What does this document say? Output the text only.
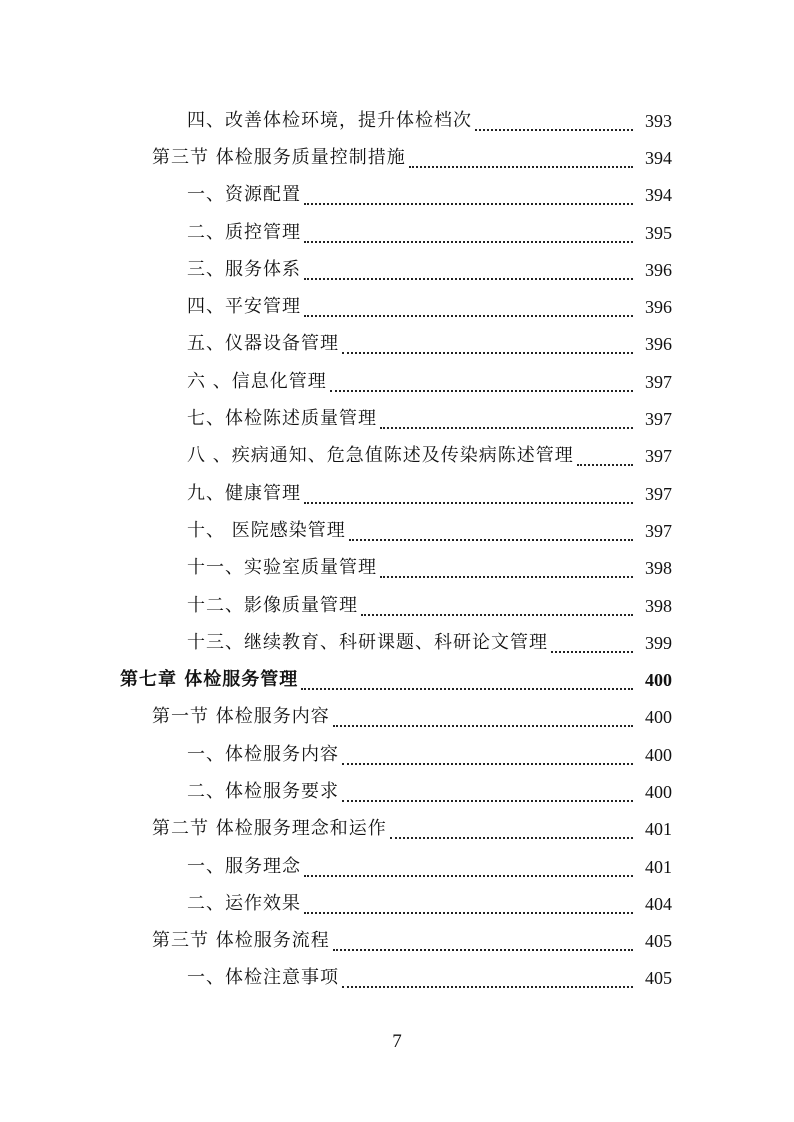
四、改善体检环境，提升体检档次	393
第三节 体检服务质量控制措施	394
一、资源配置	394
二、质控管理	395
三、服务体系	396
四、平安管理	396
五、仪器设备管理	396
六 、信息化管理	397
七、体检陈述质量管理	397
八 、疾病通知、危急值陈述及传染病陈述管理	397
九、健康管理	397
十、 医院感染管理	397
十一、实验室质量管理	398
十二、影像质量管理	398
十三、继续教育、科研课题、科研论文管理	399
第七章 体检服务管理	400
第一节 体检服务内容	400
一、体检服务内容	400
二、体检服务要求	400
第二节 体检服务理念和运作	401
一、服务理念	401
二、运作效果	404
第三节 体检服务流程	405
一、体检注意事项	405
7
